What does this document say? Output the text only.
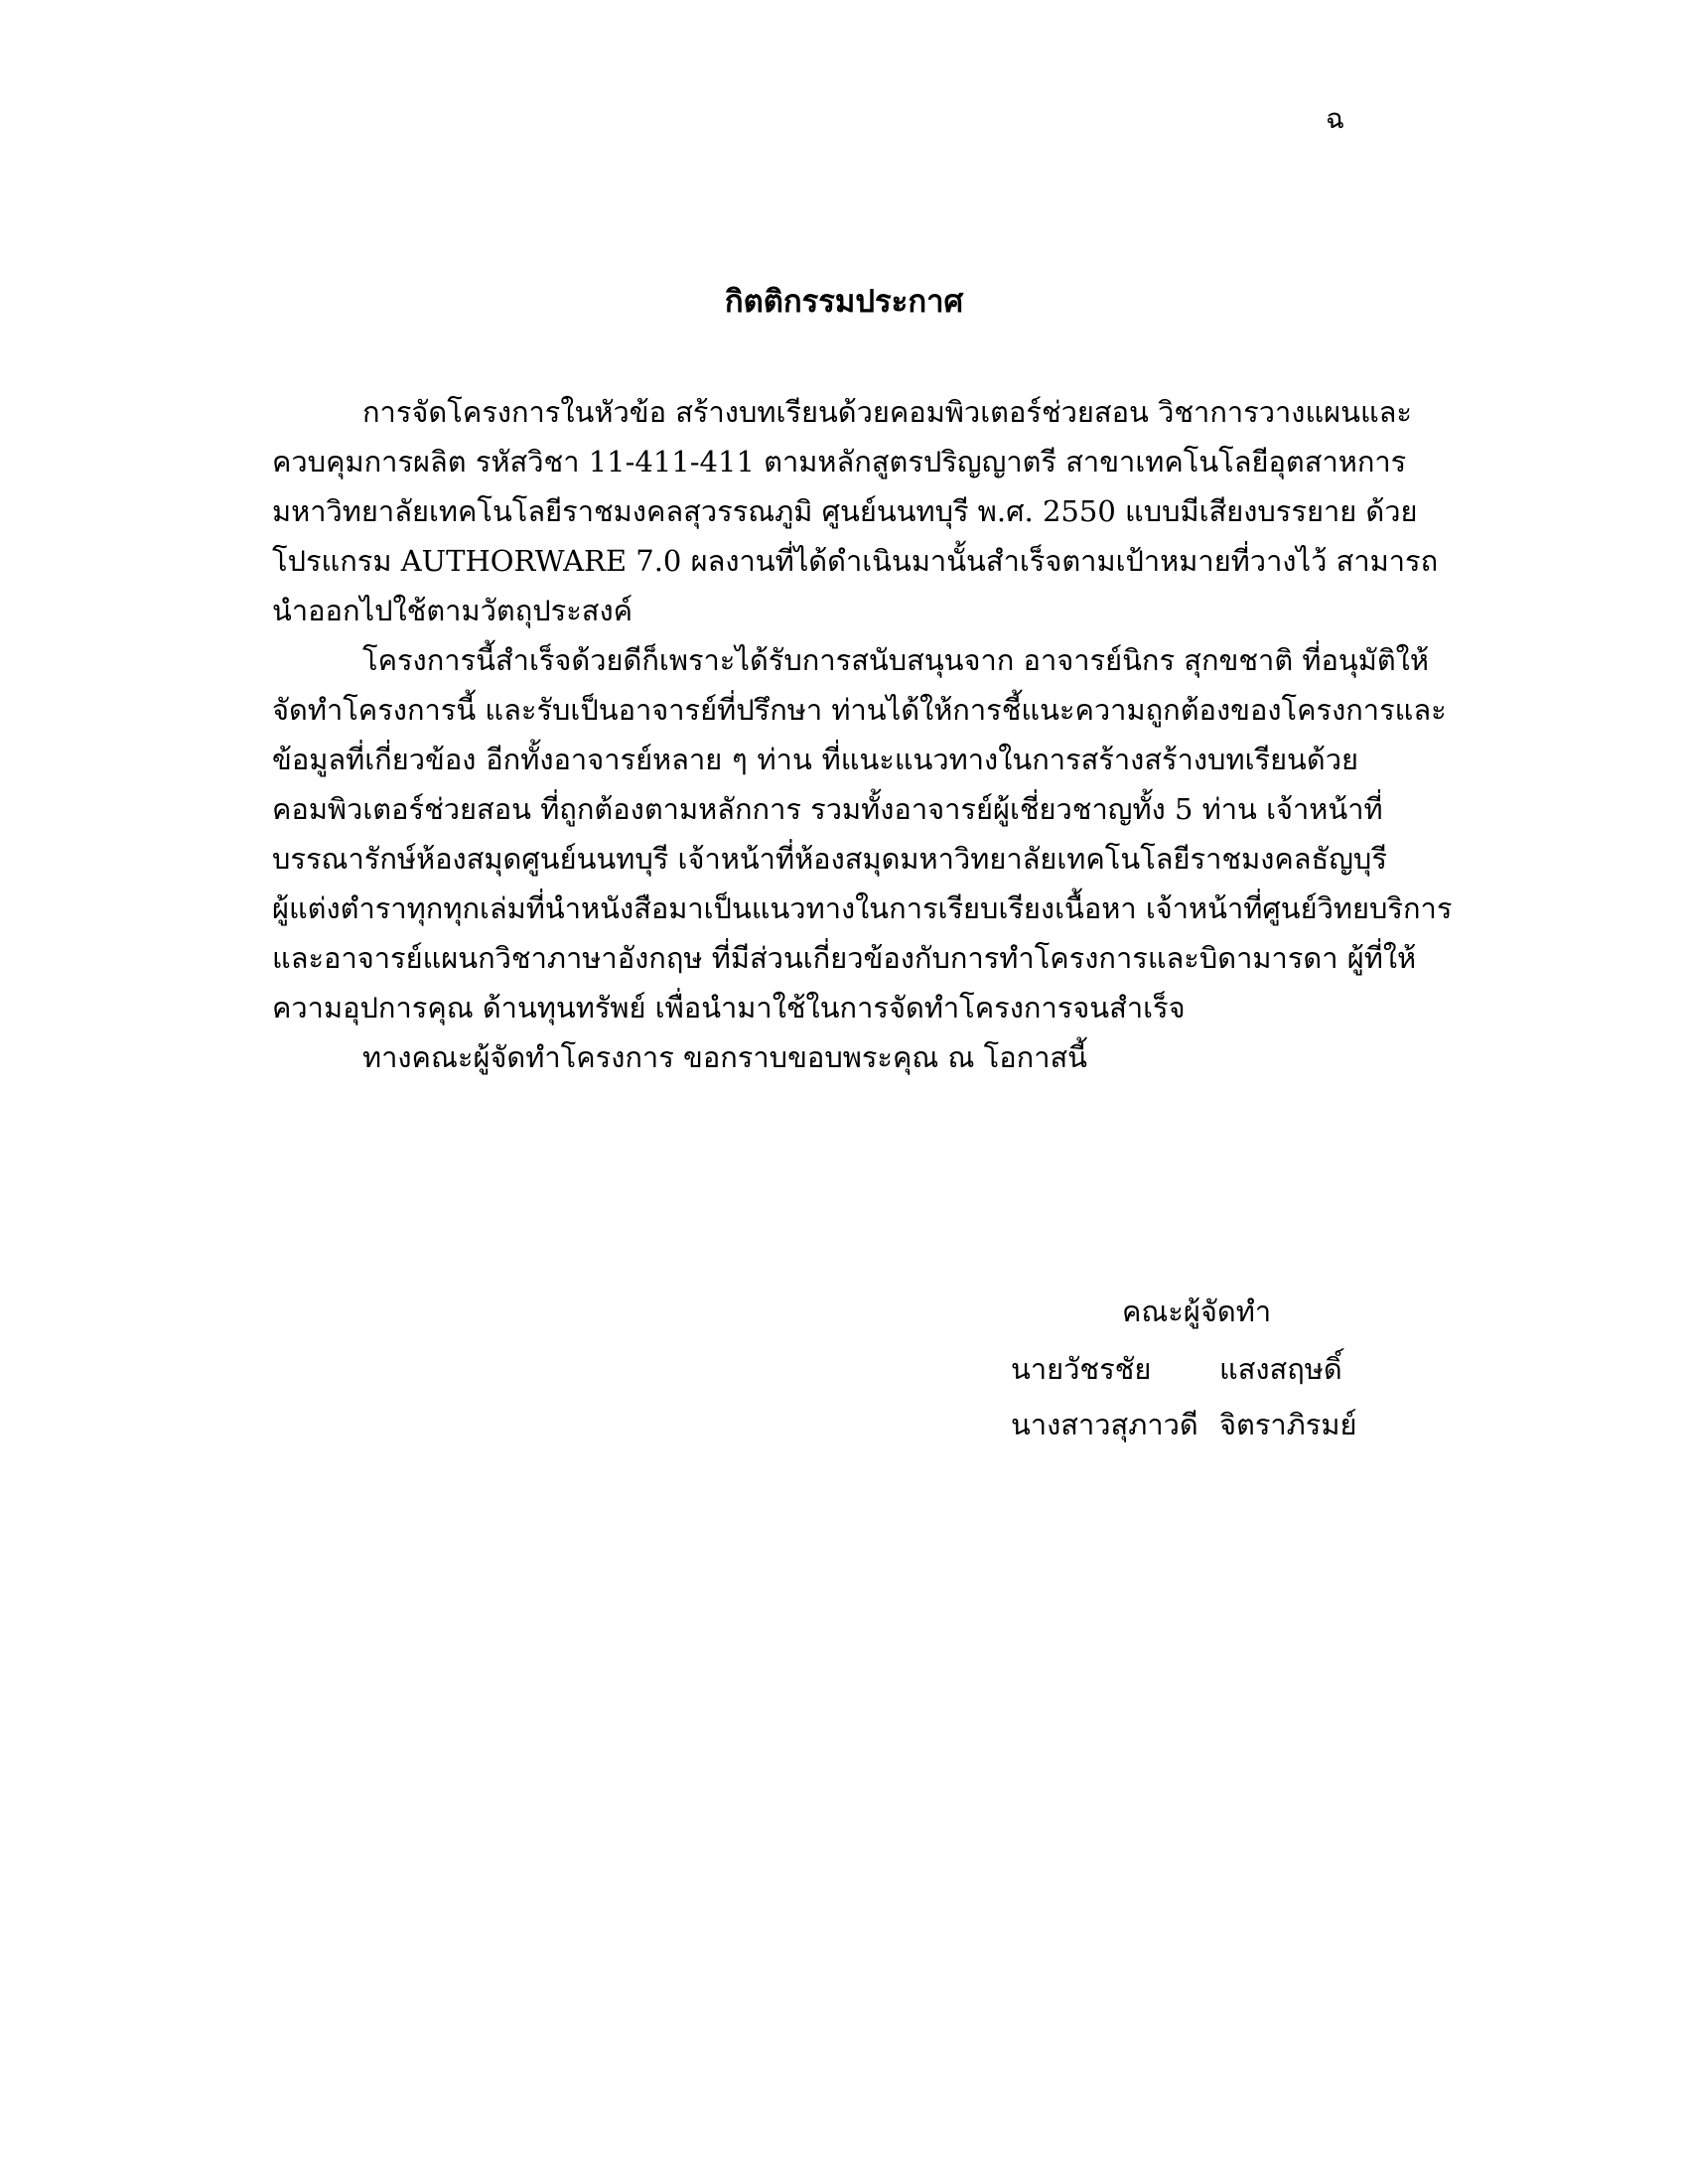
ฉ
กิตติกรรมประกาศ
การจัดโครงการในหัวข้อ สร้างบทเรียนด้วยคอมพิวเตอร์ช่วยสอน วิชาการวางแผนและ
ควบคุมการผลิต รหัสวิชา 11-411-411 ตามหลักสูตรปริญญาตรี สาขาเทคโนโลยีอุตสาหการ
มหาวิทยาลัยเทคโนโลยีราชมงคลสุวรรณภูมิ ศูนย์นนทบุรี พ.ศ. 2550 แบบมีเสียงบรรยาย ด้วย
โปรแกรม AUTHORWARE 7.0 ผลงานที่ได้ดำเนินมานั้นสำเร็จตามเป้าหมายที่วางไว้ สามารถ
นำออกไปใช้ตามวัตถุประสงค์
โครงการนี้สำเร็จด้วยดีก็เพราะได้รับการสนับสนุนจาก อาจารย์นิกร สุกขชาติ ที่อนุมัติให้
จัดทำโครงการนี้ และรับเป็นอาจารย์ที่ปรึกษา ท่านได้ให้การชี้แนะความถูกต้องของโครงการและ
ข้อมูลที่เกี่ยวข้อง อีกทั้งอาจารย์หลาย ๆ ท่าน ที่แนะแนวทางในการสร้างสร้างบทเรียนด้วย
คอมพิวเตอร์ช่วยสอน ที่ถูกต้องตามหลักการ รวมทั้งอาจารย์ผู้เชี่ยวชาญทั้ง 5 ท่าน เจ้าหน้าที่
บรรณารักษ์ห้องสมุดศูนย์นนทบุรี เจ้าหน้าที่ห้องสมุดมหาวิทยาลัยเทคโนโลยีราชมงคลธัญบุรี
ผู้แต่งตำราทุกทุกเล่มที่นำหนังสือมาเป็นแนวทางในการเรียบเรียงเนื้อหา เจ้าหน้าที่ศูนย์วิทยบริการ
และอาจารย์แผนกวิชาภาษาอังกฤษ ที่มีส่วนเกี่ยวข้องกับการทำโครงการและบิดามารดา ผู้ที่ให้
ความอุปการคุณ ด้านทุนทรัพย์ เพื่อนำมาใช้ในการจัดทำโครงการจนสำเร็จ
ทางคณะผู้จัดทำโครงการ ขอกราบขอบพระคุณ ณ โอกาสนี้
คณะผู้จัดทำ
นายวัชรชัย แสงสฤษดิ์
นางสาวสุภาวดี จิตราภิรมย์
